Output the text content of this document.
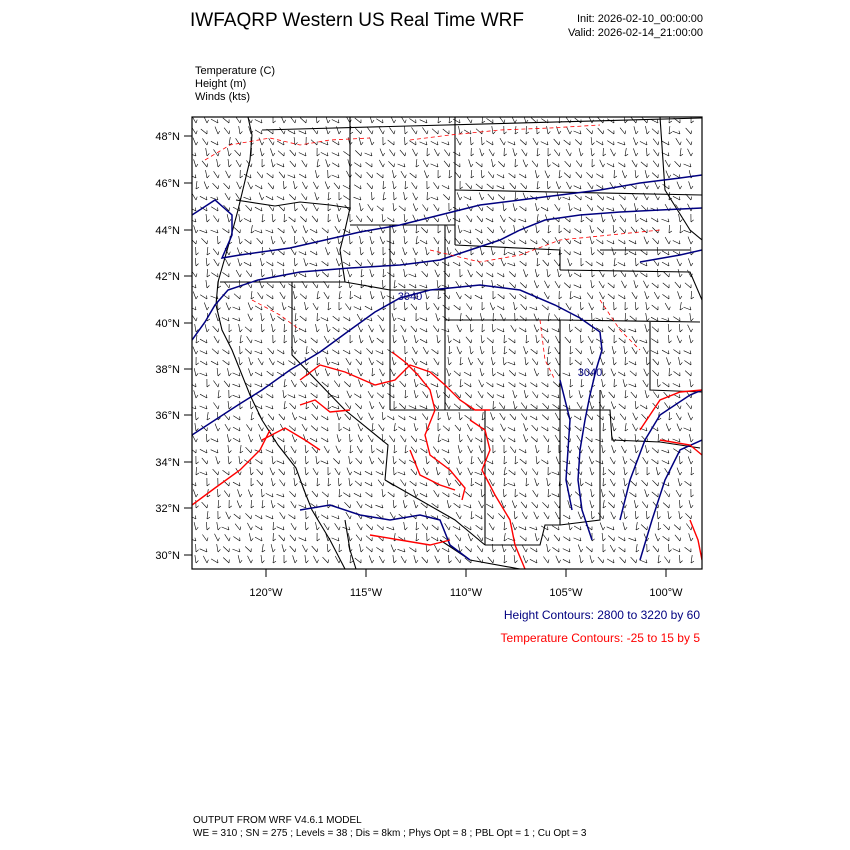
IWFAQRP Western US Real Time WRF	Init: 2026-02-10_00:00:00
Valid: 2026-02-14_21:00:00
Temperature (C)
Height (m)
Winds (kts)
3040
3040
48°N
46°N
44°N
42°N
40°N
38°N
36°N
34°N
32°N
30°N
120°W	115°W	110°W	105°W	100°W
Height Contours: 2800 to 3220 by 60
Temperature Contours: -25 to 15 by 5
OUTPUT FROM WRF V4.6.1 MODEL
WE = 310 ; SN = 275 ; Levels = 38 ; Dis = 8km ; Phys Opt = 8 ; PBL Opt = 1 ; Cu Opt = 3
